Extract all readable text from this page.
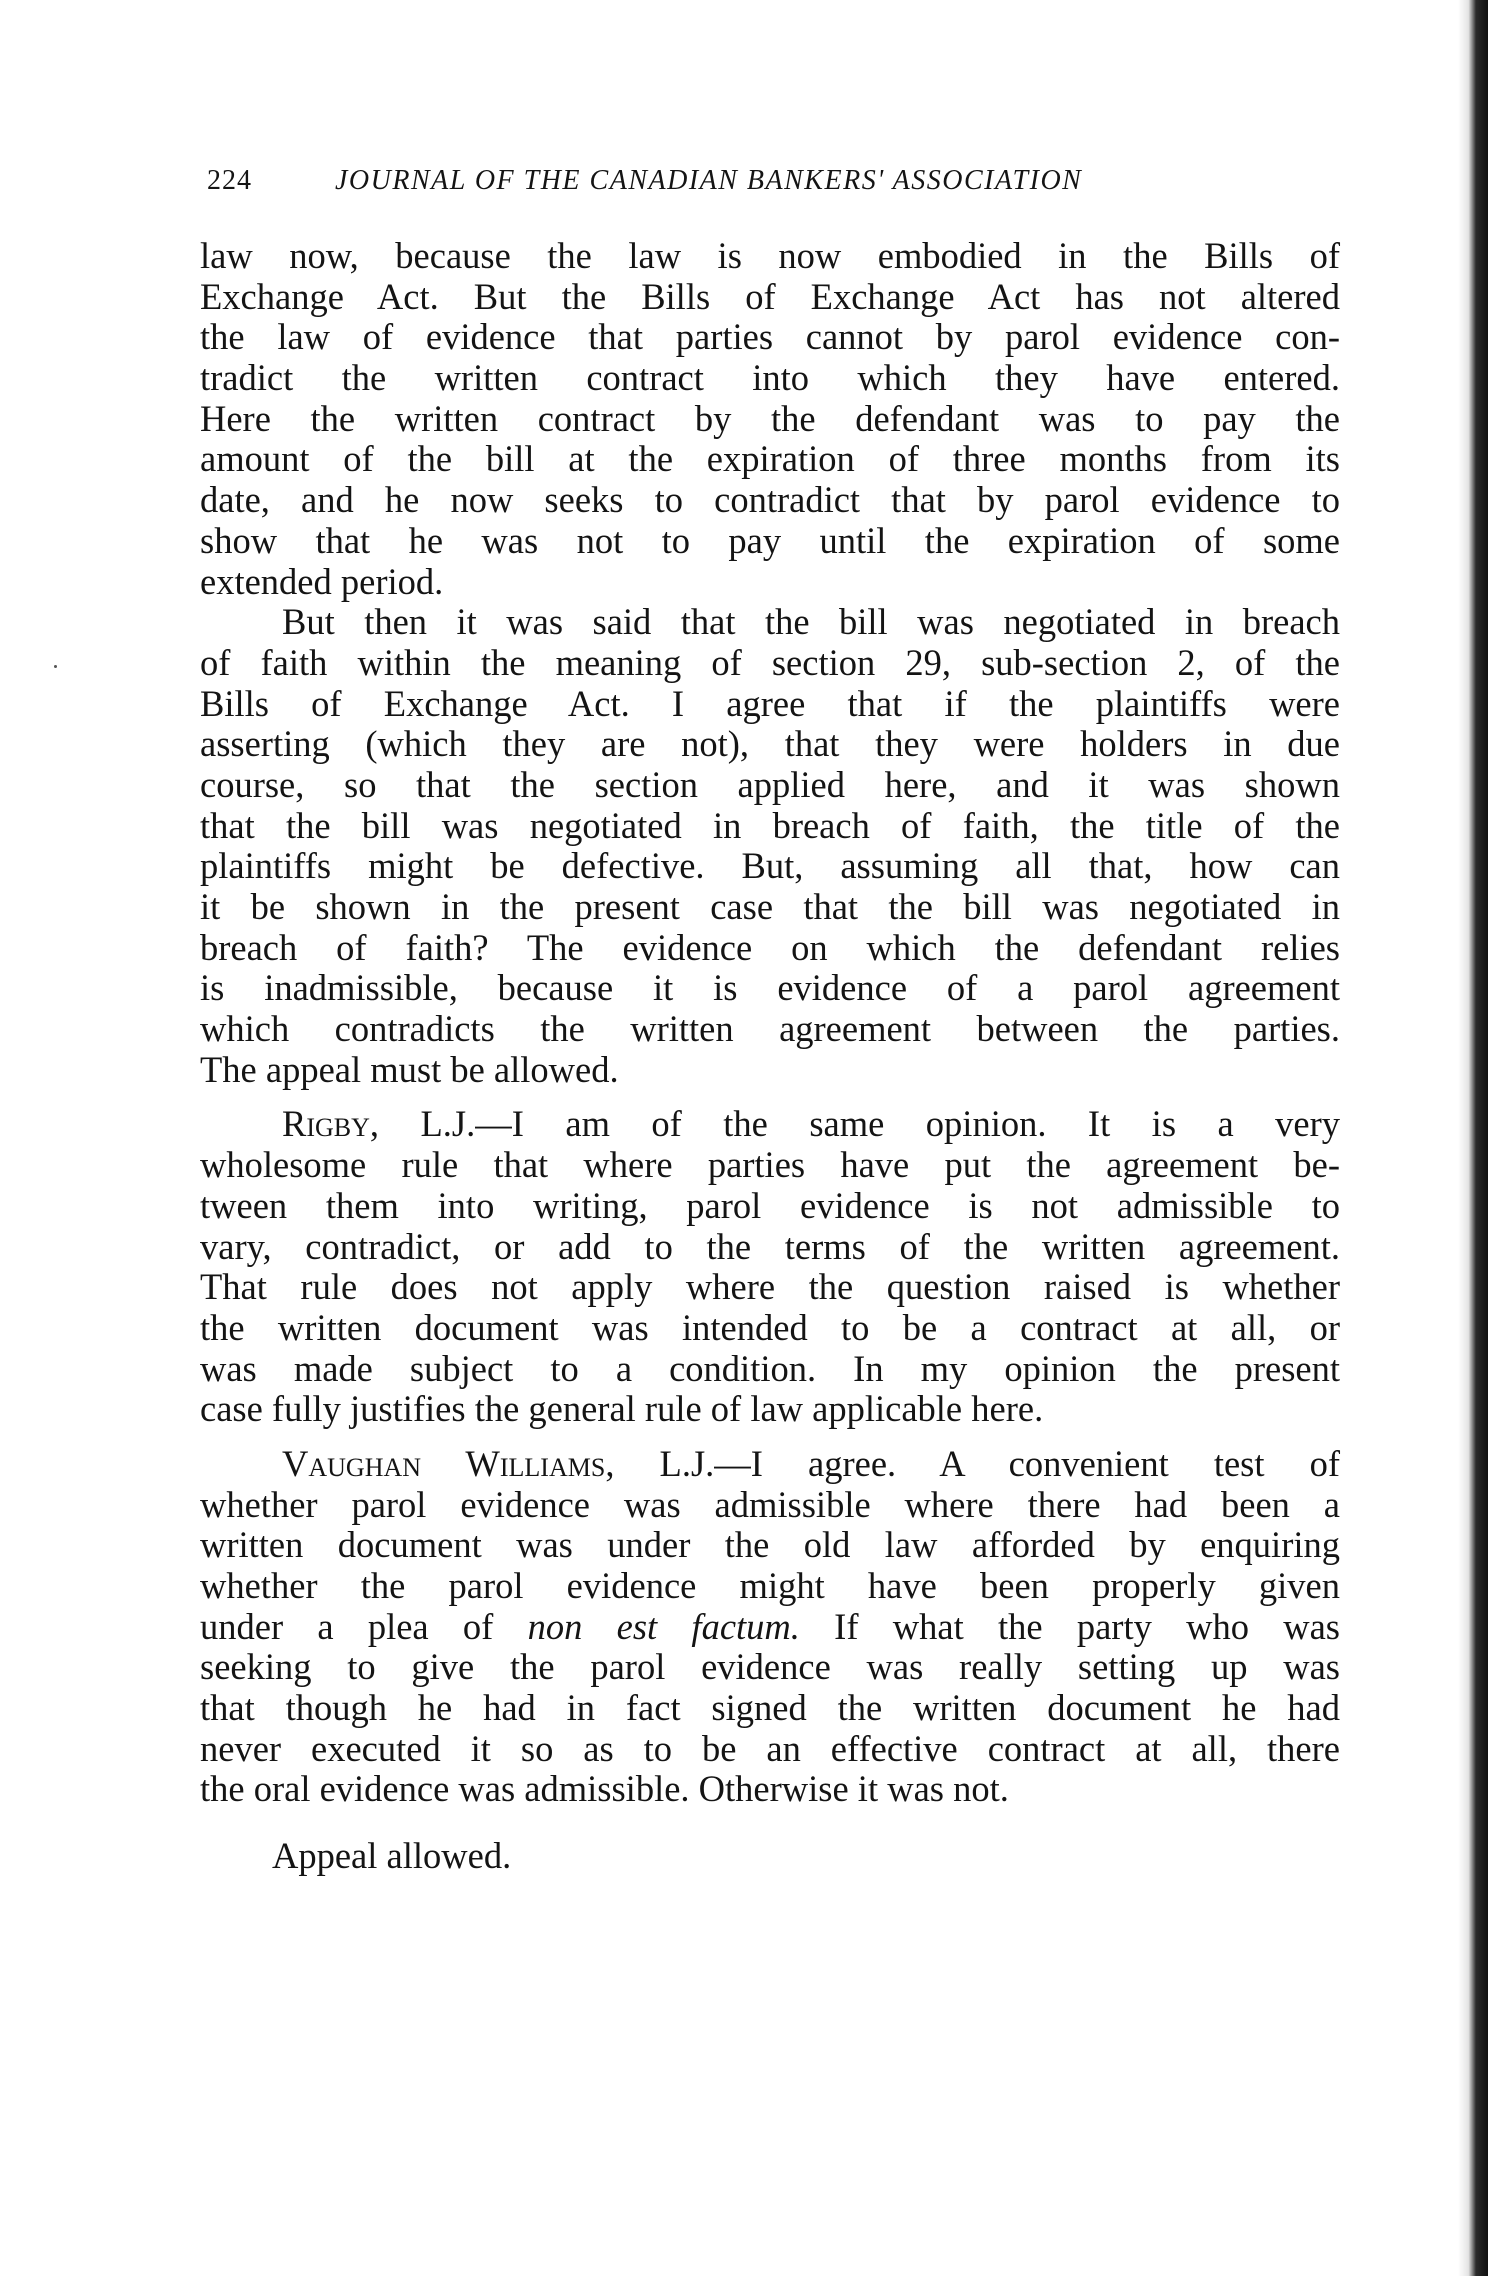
224	JOURNAL OF THE CANADIAN BANKERS' ASSOCIATION
law now, because the law is now embodied in the Bills of
Exchange Act. But the Bills of Exchange Act has not altered
the law of evidence that parties cannot by parol evidence con-
tradict the written contract into which they have entered.
Here the written contract by the defendant was to pay the
amount of the bill at the expiration of three months from its
date, and he now seeks to contradict that by parol evidence to
show that he was not to pay until the expiration of some
extended period.
But then it was said that the bill was negotiated in breach
of faith within the meaning of section 29, sub-section 2, of the
Bills of Exchange Act. I agree that if the plaintiffs were
asserting (which they are not), that they were holders in due
course, so that the section applied here, and it was shown
that the bill was negotiated in breach of faith, the title of the
plaintiffs might be defective. But, assuming all that, how can
it be shown in the present case that the bill was negotiated in
breach of faith? The evidence on which the defendant relies
is inadmissible, because it is evidence of a parol agreement
which contradicts the written agreement between the parties.
The appeal must be allowed.
Rigby, L.J.—I am of the same opinion. It is a very
wholesome rule that where parties have put the agreement be-
tween them into writing, parol evidence is not admissible to
vary, contradict, or add to the terms of the written agreement.
That rule does not apply where the question raised is whether
the written document was intended to be a contract at all, or
was made subject to a condition. In my opinion the present
case fully justifies the general rule of law applicable here.
Vaughan Williams, L.J.—I agree. A convenient test of
whether parol evidence was admissible where there had been a
written document was under the old law afforded by enquiring
whether the parol evidence might have been properly given
under a plea of non est factum. If what the party who was
seeking to give the parol evidence was really setting up was
that though he had in fact signed the written document he had
never executed it so as to be an effective contract at all, there
the oral evidence was admissible. Otherwise it was not.
Appeal allowed.
